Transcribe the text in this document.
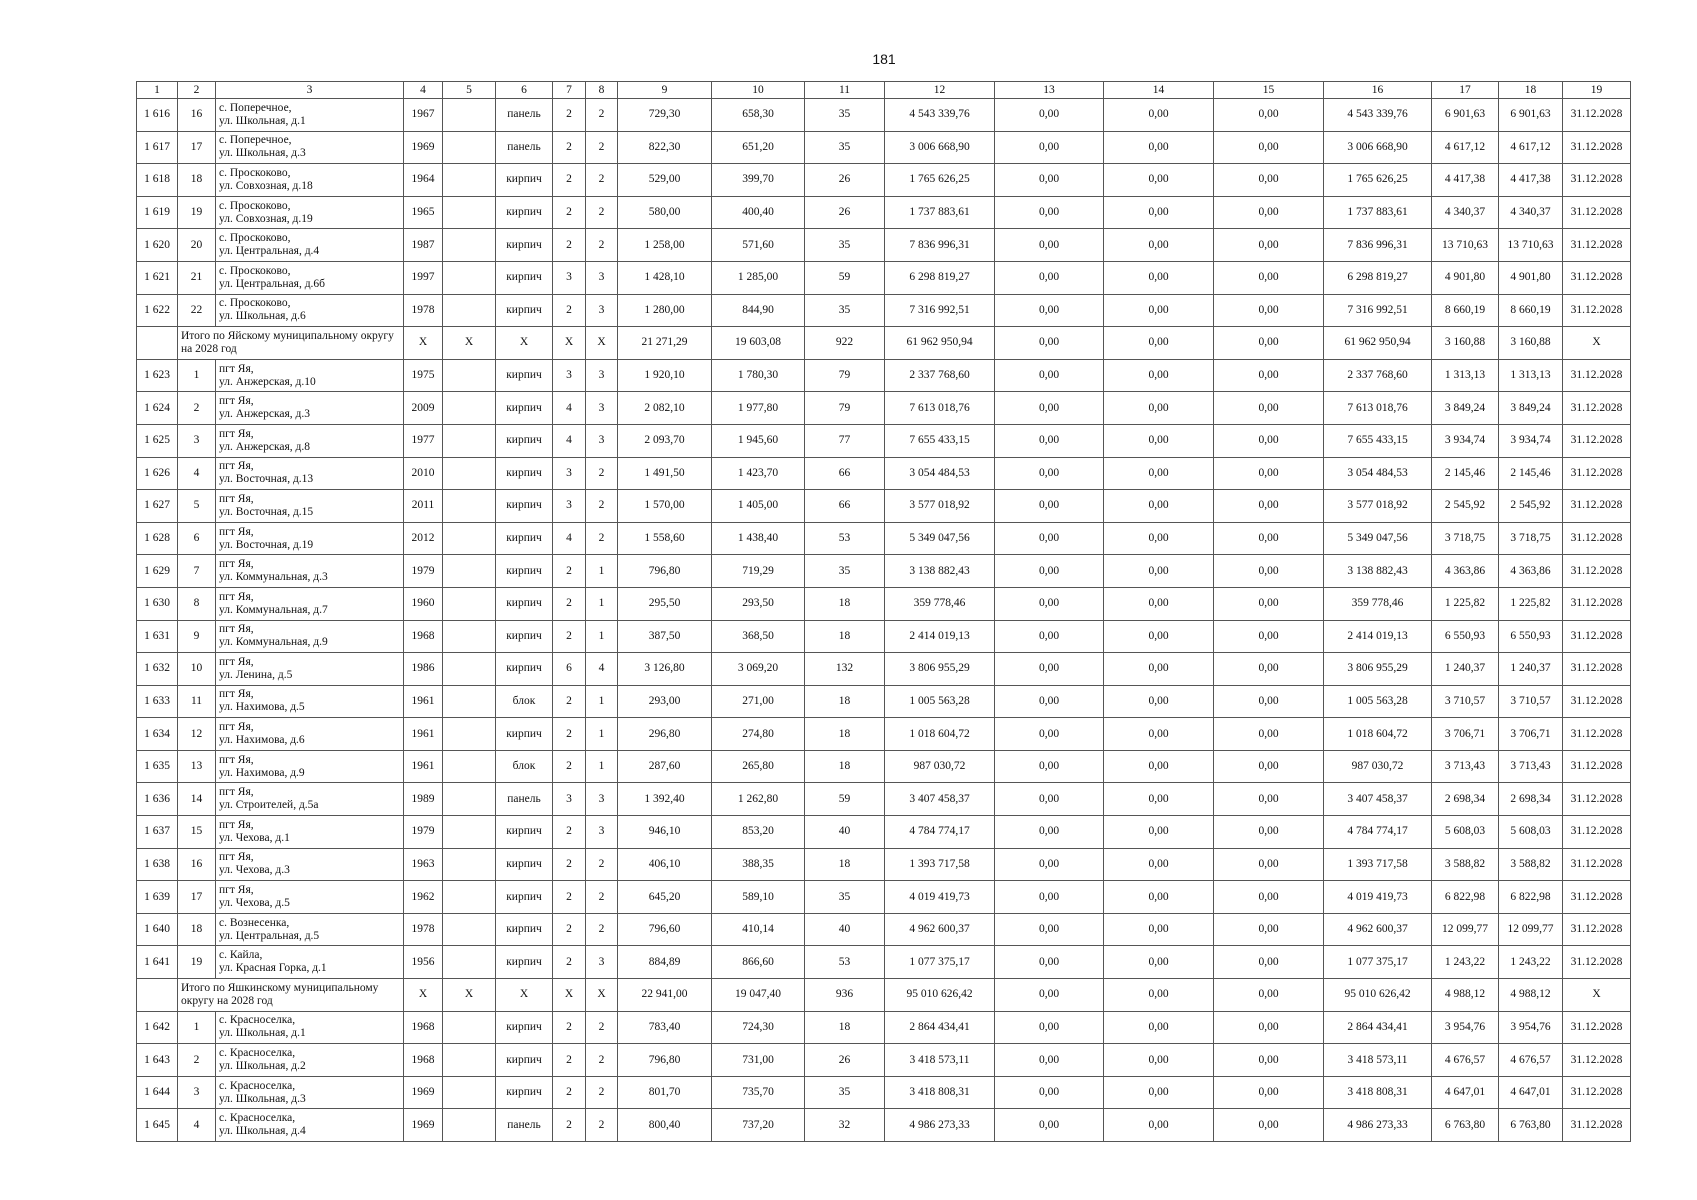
181
1	2	3	4	5	6	7	8	9	10	11	12	13	14	15	16	17	18	19
1 616	16	с. Поперечное,
ул. Школьная, д.1	1967		панель	2	2	729,30	658,30	35	4 543 339,76	0,00	0,00	0,00	4 543 339,76	6 901,63	6 901,63	31.12.2028
1 617	17	с. Поперечное,
ул. Школьная, д.3	1969		панель	2	2	822,30	651,20	35	3 006 668,90	0,00	0,00	0,00	3 006 668,90	4 617,12	4 617,12	31.12.2028
1 618	18	с. Проскоково,
ул. Совхозная, д.18	1964		кирпич	2	2	529,00	399,70	26	1 765 626,25	0,00	0,00	0,00	1 765 626,25	4 417,38	4 417,38	31.12.2028
1 619	19	с. Проскоково,
ул. Совхозная, д.19	1965		кирпич	2	2	580,00	400,40	26	1 737 883,61	0,00	0,00	0,00	1 737 883,61	4 340,37	4 340,37	31.12.2028
1 620	20	с. Проскоково,
ул. Центральная, д.4	1987		кирпич	2	2	1 258,00	571,60	35	7 836 996,31	0,00	0,00	0,00	7 836 996,31	13 710,63	13 710,63	31.12.2028
1 621	21	с. Проскоково,
ул. Центральная, д.6б	1997		кирпич	3	3	1 428,10	1 285,00	59	6 298 819,27	0,00	0,00	0,00	6 298 819,27	4 901,80	4 901,80	31.12.2028
1 622	22	с. Проскоково,
ул. Школьная, д.6	1978		кирпич	2	3	1 280,00	844,90	35	7 316 992,51	0,00	0,00	0,00	7 316 992,51	8 660,19	8 660,19	31.12.2028
	Итого по Яйскому муниципальному округу на 2028 год		X	X	X	X	X	21 271,29	19 603,08	922	61 962 950,94	0,00	0,00	0,00	61 962 950,94	3 160,88	3 160,88	X
1 623	1	пгт Яя,
ул. Анжерская, д.10	1975		кирпич	3	3	1 920,10	1 780,30	79	2 337 768,60	0,00	0,00	0,00	2 337 768,60	1 313,13	1 313,13	31.12.2028
1 624	2	пгт Яя,
ул. Анжерская, д.3	2009		кирпич	4	3	2 082,10	1 977,80	79	7 613 018,76	0,00	0,00	0,00	7 613 018,76	3 849,24	3 849,24	31.12.2028
1 625	3	пгт Яя,
ул. Анжерская, д.8	1977		кирпич	4	3	2 093,70	1 945,60	77	7 655 433,15	0,00	0,00	0,00	7 655 433,15	3 934,74	3 934,74	31.12.2028
1 626	4	пгт Яя,
ул. Восточная, д.13	2010		кирпич	3	2	1 491,50	1 423,70	66	3 054 484,53	0,00	0,00	0,00	3 054 484,53	2 145,46	2 145,46	31.12.2028
1 627	5	пгт Яя,
ул. Восточная, д.15	2011		кирпич	3	2	1 570,00	1 405,00	66	3 577 018,92	0,00	0,00	0,00	3 577 018,92	2 545,92	2 545,92	31.12.2028
1 628	6	пгт Яя,
ул. Восточная, д.19	2012		кирпич	4	2	1 558,60	1 438,40	53	5 349 047,56	0,00	0,00	0,00	5 349 047,56	3 718,75	3 718,75	31.12.2028
1 629	7	пгт Яя,
ул. Коммунальная, д.3	1979		кирпич	2	1	796,80	719,29	35	3 138 882,43	0,00	0,00	0,00	3 138 882,43	4 363,86	4 363,86	31.12.2028
1 630	8	пгт Яя,
ул. Коммунальная, д.7	1960		кирпич	2	1	295,50	293,50	18	359 778,46	0,00	0,00	0,00	359 778,46	1 225,82	1 225,82	31.12.2028
1 631	9	пгт Яя,
ул. Коммунальная, д.9	1968		кирпич	2	1	387,50	368,50	18	2 414 019,13	0,00	0,00	0,00	2 414 019,13	6 550,93	6 550,93	31.12.2028
1 632	10	пгт Яя,
ул. Ленина, д.5	1986		кирпич	6	4	3 126,80	3 069,20	132	3 806 955,29	0,00	0,00	0,00	3 806 955,29	1 240,37	1 240,37	31.12.2028
1 633	11	пгт Яя,
ул. Нахимова, д.5	1961		блок	2	1	293,00	271,00	18	1 005 563,28	0,00	0,00	0,00	1 005 563,28	3 710,57	3 710,57	31.12.2028
1 634	12	пгт Яя,
ул. Нахимова, д.6	1961		кирпич	2	1	296,80	274,80	18	1 018 604,72	0,00	0,00	0,00	1 018 604,72	3 706,71	3 706,71	31.12.2028
1 635	13	пгт Яя,
ул. Нахимова, д.9	1961		блок	2	1	287,60	265,80	18	987 030,72	0,00	0,00	0,00	987 030,72	3 713,43	3 713,43	31.12.2028
1 636	14	пгт Яя,
ул. Строителей, д.5а	1989		панель	3	3	1 392,40	1 262,80	59	3 407 458,37	0,00	0,00	0,00	3 407 458,37	2 698,34	2 698,34	31.12.2028
1 637	15	пгт Яя,
ул. Чехова, д.1	1979		кирпич	2	3	946,10	853,20	40	4 784 774,17	0,00	0,00	0,00	4 784 774,17	5 608,03	5 608,03	31.12.2028
1 638	16	пгт Яя,
ул. Чехова, д.3	1963		кирпич	2	2	406,10	388,35	18	1 393 717,58	0,00	0,00	0,00	1 393 717,58	3 588,82	3 588,82	31.12.2028
1 639	17	пгт Яя,
ул. Чехова, д.5	1962		кирпич	2	2	645,20	589,10	35	4 019 419,73	0,00	0,00	0,00	4 019 419,73	6 822,98	6 822,98	31.12.2028
1 640	18	с. Вознесенка,
ул. Центральная, д.5	1978		кирпич	2	2	796,60	410,14	40	4 962 600,37	0,00	0,00	0,00	4 962 600,37	12 099,77	12 099,77	31.12.2028
1 641	19	с. Кайла,
ул. Красная Горка, д.1	1956		кирпич	2	3	884,89	866,60	53	1 077 375,17	0,00	0,00	0,00	1 077 375,17	1 243,22	1 243,22	31.12.2028
	Итого по Яшкинскому муниципальному округу на 2028 год		X	X	X	X	X	22 941,00	19 047,40	936	95 010 626,42	0,00	0,00	0,00	95 010 626,42	4 988,12	4 988,12	X
1 642	1	с. Красноселка,
ул. Школьная, д.1	1968		кирпич	2	2	783,40	724,30	18	2 864 434,41	0,00	0,00	0,00	2 864 434,41	3 954,76	3 954,76	31.12.2028
1 643	2	с. Красноселка,
ул. Школьная, д.2	1968		кирпич	2	2	796,80	731,00	26	3 418 573,11	0,00	0,00	0,00	3 418 573,11	4 676,57	4 676,57	31.12.2028
1 644	3	с. Красноселка,
ул. Школьная, д.3	1969		кирпич	2	2	801,70	735,70	35	3 418 808,31	0,00	0,00	0,00	3 418 808,31	4 647,01	4 647,01	31.12.2028
1 645	4	с. Красноселка,
ул. Школьная, д.4	1969		панель	2	2	800,40	737,20	32	4 986 273,33	0,00	0,00	0,00	4 986 273,33	6 763,80	6 763,80	31.12.2028
